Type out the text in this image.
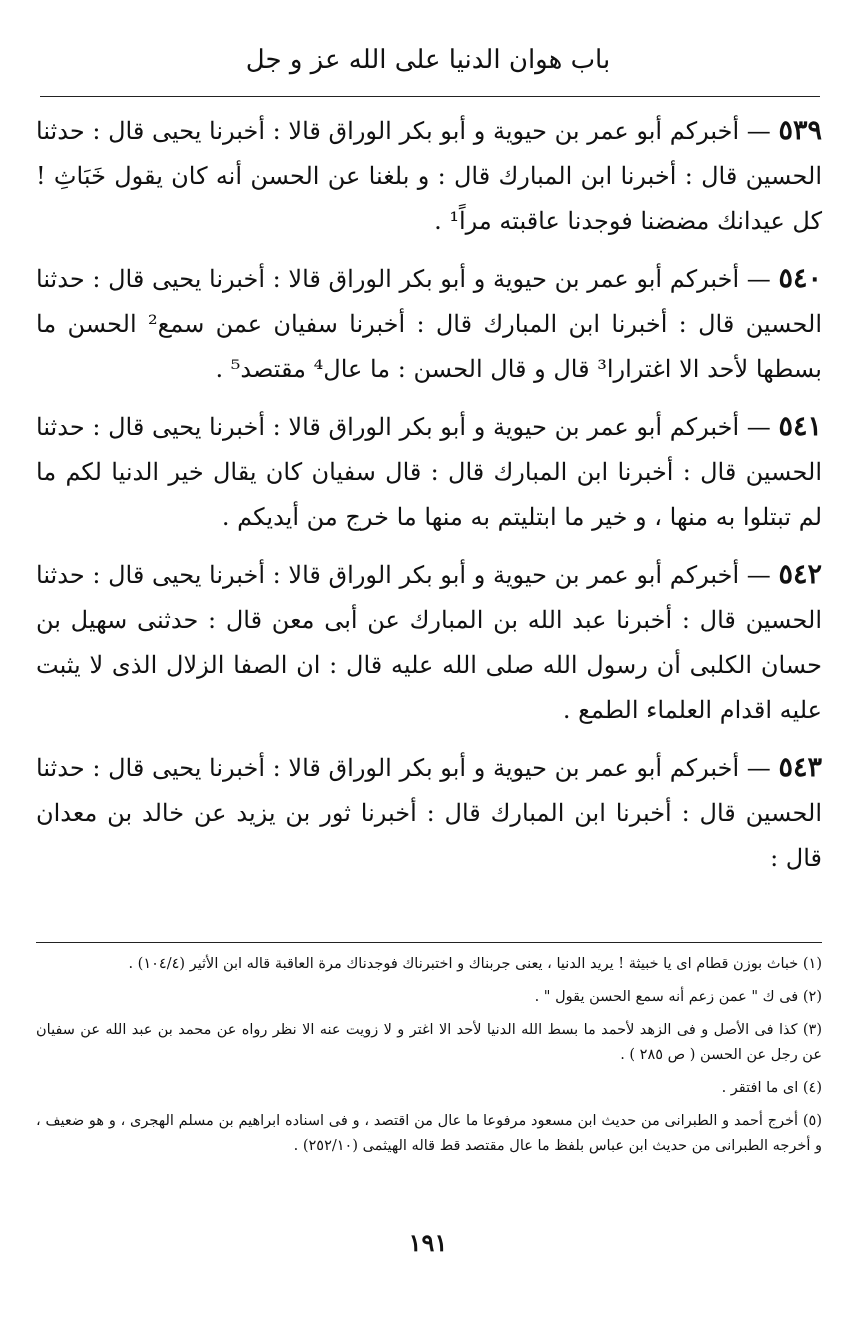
باب هوان الدنيا على الله عز و جل

٥٣٩ — أخبركم أبو عمر بن حيوية و أبو بكر الوراق قالا : أخبرنا يحيى قال : حدثنا الحسين قال : أخبرنا ابن المبارك قال : و بلغنا عن الحسن أنه كان يقول خَبَاثِ ! كل عيدانك مضضنا فوجدنا عاقبته مراً¹ .

٥٤٠ — أخبركم أبو عمر بن حيوية و أبو بكر الوراق قالا : أخبرنا يحيى قال : حدثنا الحسين قال : أخبرنا ابن المبارك قال : أخبرنا سفيان عمن سمع² الحسن ما بسطها لأحد الا اغترارا³ قال و قال الحسن : ما عال⁴ مقتصد⁵ .

٥٤١ — أخبركم أبو عمر بن حيوية و أبو بكر الوراق قالا : أخبرنا يحيى قال : حدثنا الحسين قال : أخبرنا ابن المبارك قال : قال سفيان كان يقال خير الدنيا لكم ما لم تبتلوا به منها ، و خير ما ابتليتم به منها ما خرج من أيديكم .

٥٤٢ — أخبركم أبو عمر بن حيوية و أبو بكر الوراق قالا : أخبرنا يحيى قال : حدثنا الحسين قال : أخبرنا عبد الله بن المبارك عن أبى معن قال : حدثنى سهيل بن حسان الكلبى أن رسول الله صلى الله عليه قال : ان الصفا الزلال الذى لا يثبت عليه اقدام العلماء الطمع .

٥٤٣ — أخبركم أبو عمر بن حيوية و أبو بكر الوراق قالا : أخبرنا يحيى قال : حدثنا الحسين قال : أخبرنا ابن المبارك قال : أخبرنا ثور بن يزيد عن خالد بن معدان قال :

(١) خباث بوزن قطام اى يا خبيثة ! يريد الدنيا ، يعنى جربناك و اختبرناك فوجدناك مرة العاقبة قاله ابن الأثير (١٠٤/٤) .

(٢) فى ك " عمن زعم أنه سمع الحسن يقول " .

(٣) كذا فى الأصل و فى الزهد لأحمد ما بسط الله الدنيا لأحد الا اغتر و لا زويت عنه الا نظر رواه عن محمد بن عبد الله عن سفيان عن رجل عن الحسن ( ص ٢٨٥ ) .

(٤) اى ما افتقر .

(٥) أخرج أحمد و الطبرانى من حديث ابن مسعود مرفوعا ما عال من اقتصد ، و فى اسناده ابراهيم بن مسلم الهجرى ، و هو ضعيف ، و أخرجه الطبرانى من حديث ابن عباس بلفظ ما عال مقتصد قط قاله الهيثمى (٢٥٢/١٠) .

١٩١
